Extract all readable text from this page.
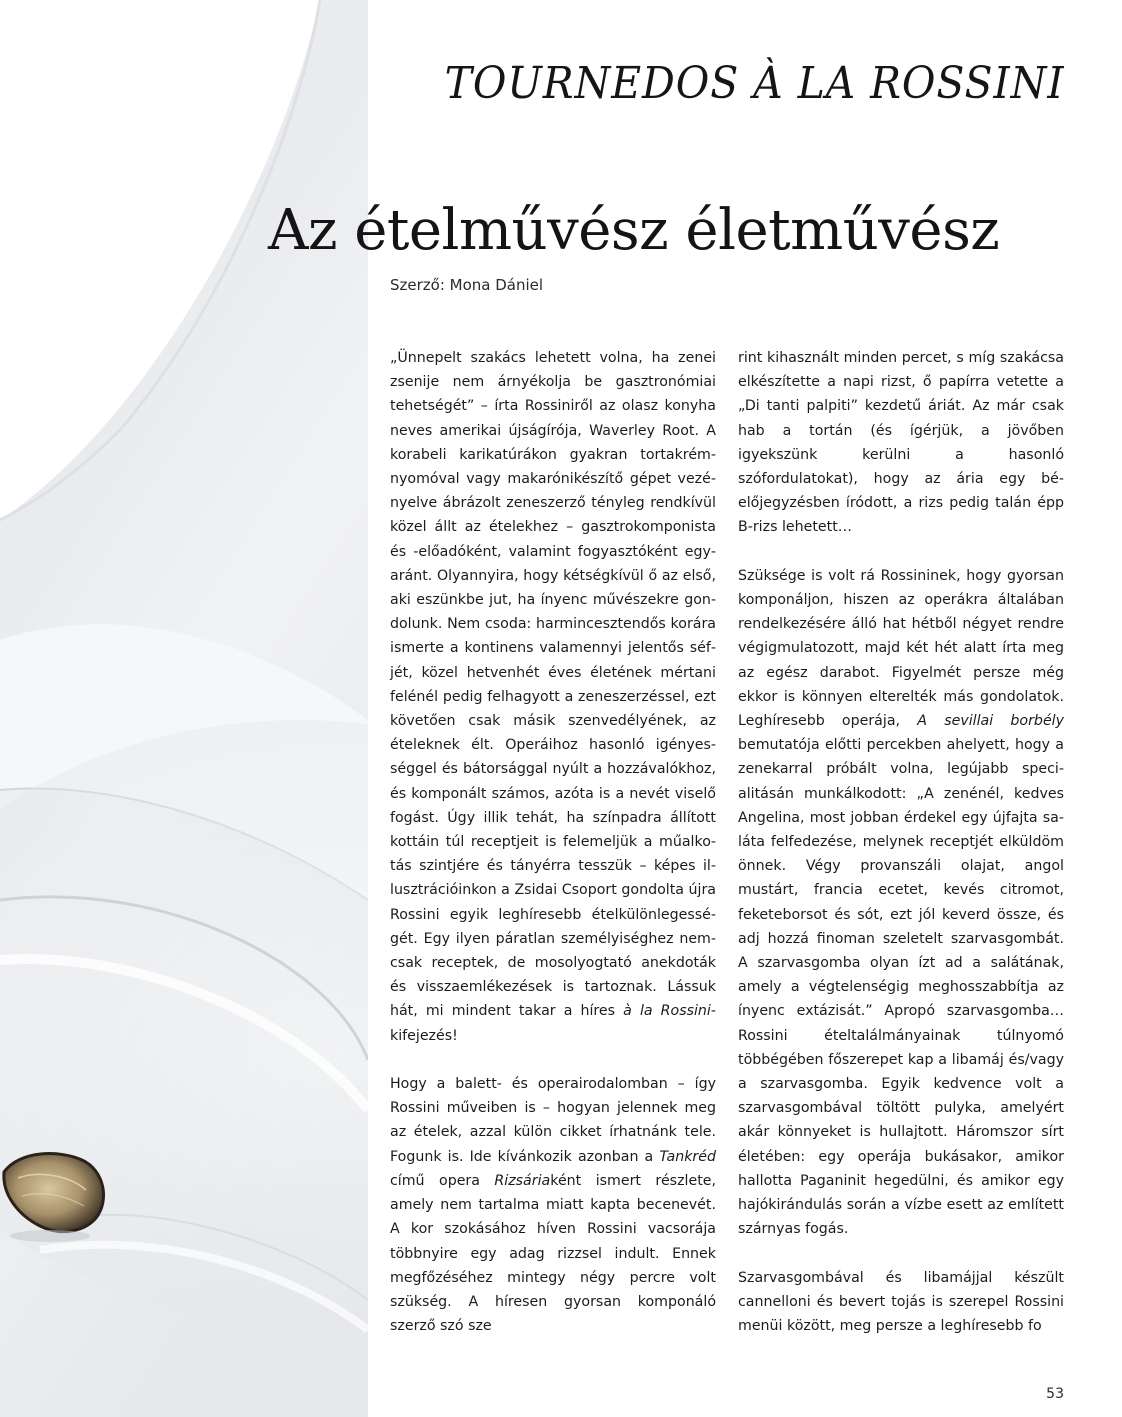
TOURNEDOS À LA ROSSINI
Az ételművész életművész
Szerző: Mona Dániel

„Ünnepelt szakács lehetett volna, ha zenei zsenije nem árnyékolja be gasztronómiai tehetségét” – írta Rossiniről az olasz konyha neves amerikai újságírója, Waverley Root. A korabeli karikatúrákon gyakran tortakrémnyomóval vagy makarónikészítő gépet vezényelve ábrázolt zeneszerző tényleg rendkívül közel állt az ételekhez – gasztrokomponista és -előadóként, valamint fogyasztóként egyaránt. Olyannyira, hogy kétségkívül ő az első, aki eszünkbe jut, ha ínyenc művészekre gondolunk. Nem csoda: harmincesztendős korára ismerte a kontinens valamennyi jelentős séfjét, közel hetvenhét éves életének mértani felénél pedig felhagyott a zeneszerzéssel, ezt követően csak másik szenvedélyének, az ételeknek élt. Operáihoz hasonló igényességgel és bátorsággal nyúlt a hozzávalókhoz, és komponált számos, azóta is a nevét viselő fogást. Úgy illik tehát, ha színpadra állított kottáin túl receptjeit is felemeljük a műalkotás szintjére és tányérra tesszük – képes illusztrációinkon a Zsidai Csoport gondolta újra Rossini egyik leghíresebb ételkülönlegességét. Egy ilyen páratlan személyiséghez nemcsak receptek, de mosolyogtató anekdoták és visszaemlékezések is tartoznak. Lássuk hát, mi mindent takar a híres à la Rossini-kifejezés!

Hogy a balett- és operairodalomban – így Rossini műveiben is – hogyan jelennek meg az ételek, azzal külön cikket írhatnánk tele. Fogunk is. Ide kívánkozik azonban a Tankréd című opera Rizsáriaként ismert részlete, amely nem tartalma miatt kapta becenevét. A kor szokásához híven Rossini vacsorája többnyire egy adag rizzsel indult. Ennek megfőzéséhez mintegy négy percre volt szükség. A híresen gyorsan komponáló szerző szó sze

rint kihasznált minden percet, s míg szakácsa elkészítette a napi rizst, ő papírra vetette a „Di tanti palpiti” kezdetű áriát. Az már csak hab a tortán (és ígérjük, a jövőben igyekszünk kerülni a hasonló szófordulatokat), hogy az ária egy bé-előjegyzésben íródott, a rizs pedig talán épp B-rizs lehetett…

Szüksége is volt rá Rossininek, hogy gyorsan komponáljon, hiszen az operákra általában rendelkezésére álló hat hétből négyet rendre végigmulatozott, majd két hét alatt írta meg az egész darabot. Figyelmét persze még ekkor is könnyen elterelték más gondolatok. Leghíresebb operája, A sevillai borbély bemutatója előtti percekben ahelyett, hogy a zenekarral próbált volna, legújabb specialitásán munkálkodott: „A zenénél, kedves Angelina, most jobban érdekel egy újfajta saláta felfedezése, melynek receptjét elküldöm önnek. Végy provanszáli olajat, angol mustárt, francia ecetet, kevés citromot, feketeborsot és sót, ezt jól keverd össze, és adj hozzá finoman szeletelt szarvasgombát. A szarvasgomba olyan ízt ad a salátának, amely a végtelenségig meghosszabbítja az ínyenc extázisát.” Apropó szarvasgomba… Rossini ételtalálmányainak túlnyomó többégében főszerepet kap a libamáj és/vagy a szarvasgomba. Egyik kedvence volt a szarvasgombával töltött pulyka, amelyért akár könnyeket is hullajtott. Háromszor sírt életében: egy operája bukásakor, amikor hallotta Paganinit hegedülni, és amikor egy hajókirándulás során a vízbe esett az említett szárnyas fogás.

Szarvasgombával és libamájjal készült cannelloni és bevert tojás is szerepel Rossini menüi között, meg persze a leghíresebb fo

53
